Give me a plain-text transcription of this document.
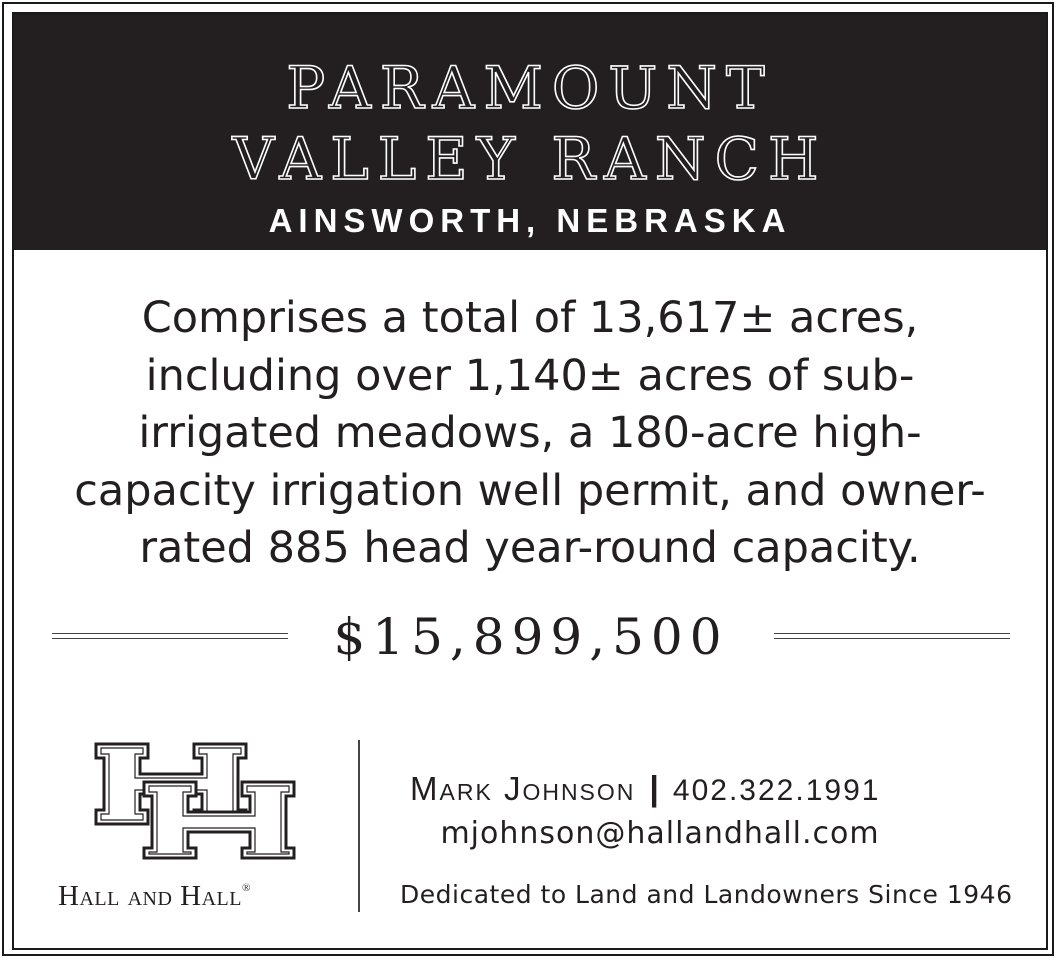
PARAMOUNT
VALLEY RANCH
AINSWORTH, NEBRASKA
Comprises a total of 13,617± acres,
including over 1,140± acres of sub-
irrigated meadows, a 180-acre high-
capacity irrigation well permit, and owner-
rated 885 head year-round capacity.
$15,899,500
Hall and Hall®
Mark Johnson | 402.322.1991
mjohnson@hallandhall.com
Dedicated to Land and Landowners Since 1946
